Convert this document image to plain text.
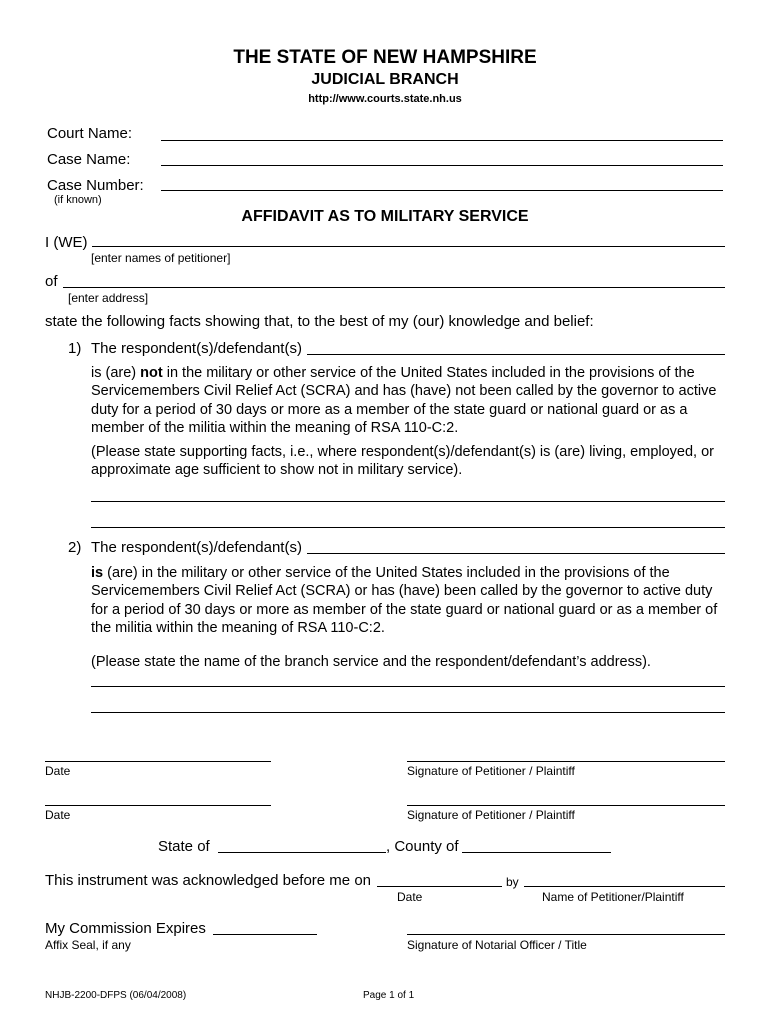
THE STATE OF NEW HAMPSHIRE
JUDICIAL BRANCH
http://www.courts.state.nh.us
Court Name:
Case Name:
Case Number:
(if known)
AFFIDAVIT AS TO MILITARY SERVICE
I (WE)
[enter names of petitioner]
of
[enter address]
state the following facts showing that, to the best of my (our) knowledge and belief:
1) The respondent(s)/defendant(s)
is (are) not in the military or other service of the United States included in the provisions of the Servicemembers Civil Relief Act (SCRA) and has (have) not been called by the governor to active duty for a period of 30 days or more as a member of the state guard or national guard or as a member of the militia within the meaning of RSA 110-C:2.
(Please state supporting facts, i.e., where respondent(s)/defendant(s) is (are) living, employed, or approximate age sufficient to show not in military service).
2) The respondent(s)/defendant(s)
is (are) in the military or other service of the United States included in the provisions of the Servicemembers Civil Relief Act (SCRA) or has (have) been called by the governor to active duty for a period of 30 days or more as member of the state guard or national guard or as a member of the militia within the meaning of RSA 110-C:2.
(Please state the name of the branch service and the respondent/defendant’s address).
Date	Signature of Petitioner / Plaintiff
Date	Signature of Petitioner / Plaintiff
State of	, County of
This instrument was acknowledged before me on	by
Date	Name of Petitioner/Plaintiff
My Commission Expires
Affix Seal, if any	Signature of Notarial Officer / Title
NHJB-2200-DFPS (06/04/2008)	Page 1 of 1
